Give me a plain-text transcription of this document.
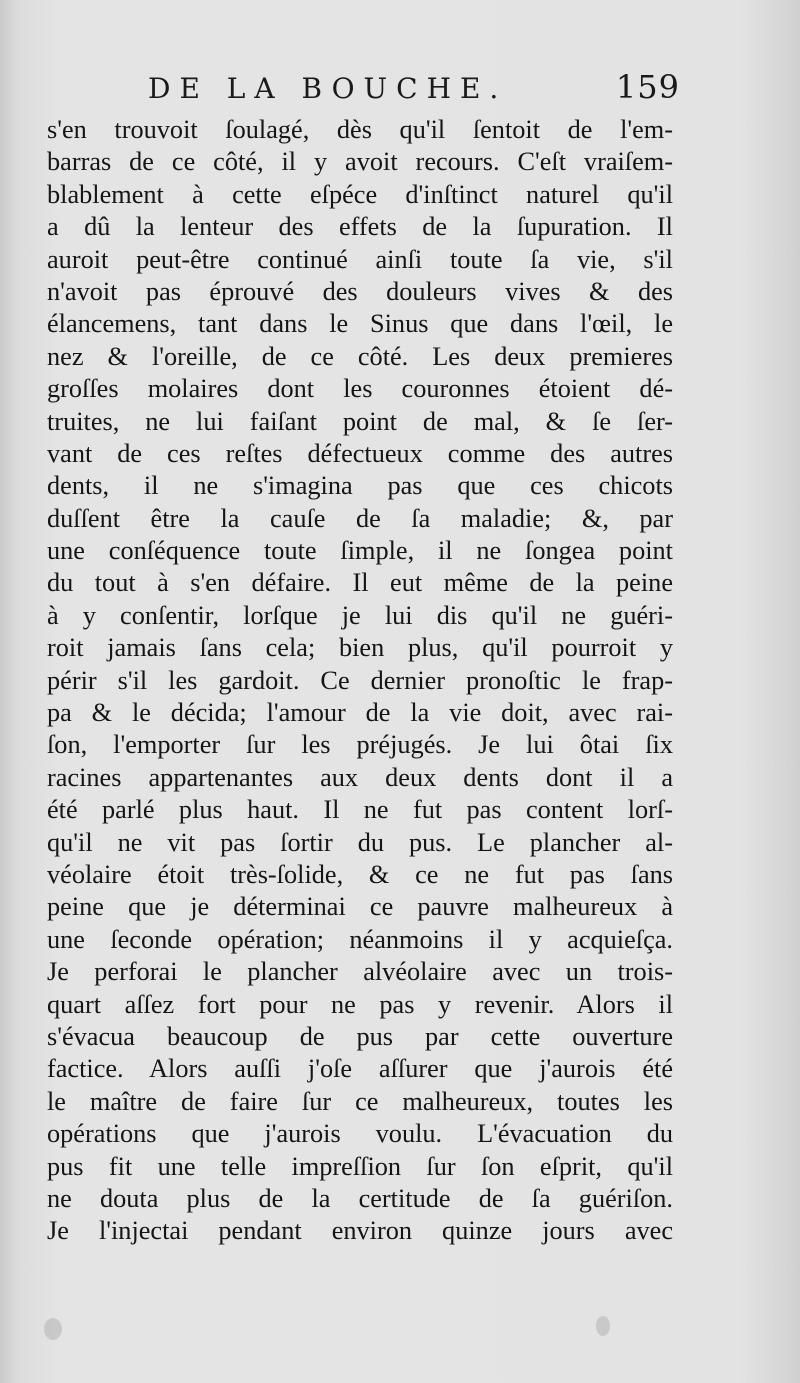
DE LA BOUCHE.	159
s'en trouvoit ſoulagé, dès qu'il ſentoit de l'em-
barras de ce côté, il y avoit recours. C'eſt vraiſem-
blablement à cette eſpéce d'inſtinct naturel qu'il
a dû la lenteur des effets de la ſupuration. Il
auroit peut-être continué ainſi toute ſa vie, s'il
n'avoit pas éprouvé des douleurs vives & des
élancemens, tant dans le Sinus que dans l'œil, le
nez & l'oreille, de ce côté. Les deux premieres
groſſes molaires dont les couronnes étoient dé-
truites, ne lui faiſant point de mal, & ſe ſer-
vant de ces reſtes défectueux comme des autres
dents, il ne s'imagina pas que ces chicots
duſſent être la cauſe de ſa maladie; &, par
une conſéquence toute ſimple, il ne ſongea point
du tout à s'en défaire. Il eut même de la peine
à y conſentir, lorſque je lui dis qu'il ne guéri-
roit jamais ſans cela; bien plus, qu'il pourroit y
périr s'il les gardoit. Ce dernier pronoſtic le frap-
pa & le décida; l'amour de la vie doit, avec rai-
ſon, l'emporter ſur les préjugés. Je lui ôtai ſix
racines appartenantes aux deux dents dont il a
été parlé plus haut. Il ne fut pas content lorſ-
qu'il ne vit pas ſortir du pus. Le plancher al-
véolaire étoit très-ſolide, & ce ne fut pas ſans
peine que je déterminai ce pauvre malheureux à
une ſeconde opération; néanmoins il y acquieſça.
Je perforai le plancher alvéolaire avec un trois-
quart aſſez fort pour ne pas y revenir. Alors il
s'évacua beaucoup de pus par cette ouverture
factice. Alors auſſi j'oſe aſſurer que j'aurois été
le maître de faire ſur ce malheureux, toutes les
opérations que j'aurois voulu. L'évacuation du
pus fit une telle impreſſion ſur ſon eſprit, qu'il
ne douta plus de la certitude de ſa guériſon.
Je l'injectai pendant environ quinze jours avec
